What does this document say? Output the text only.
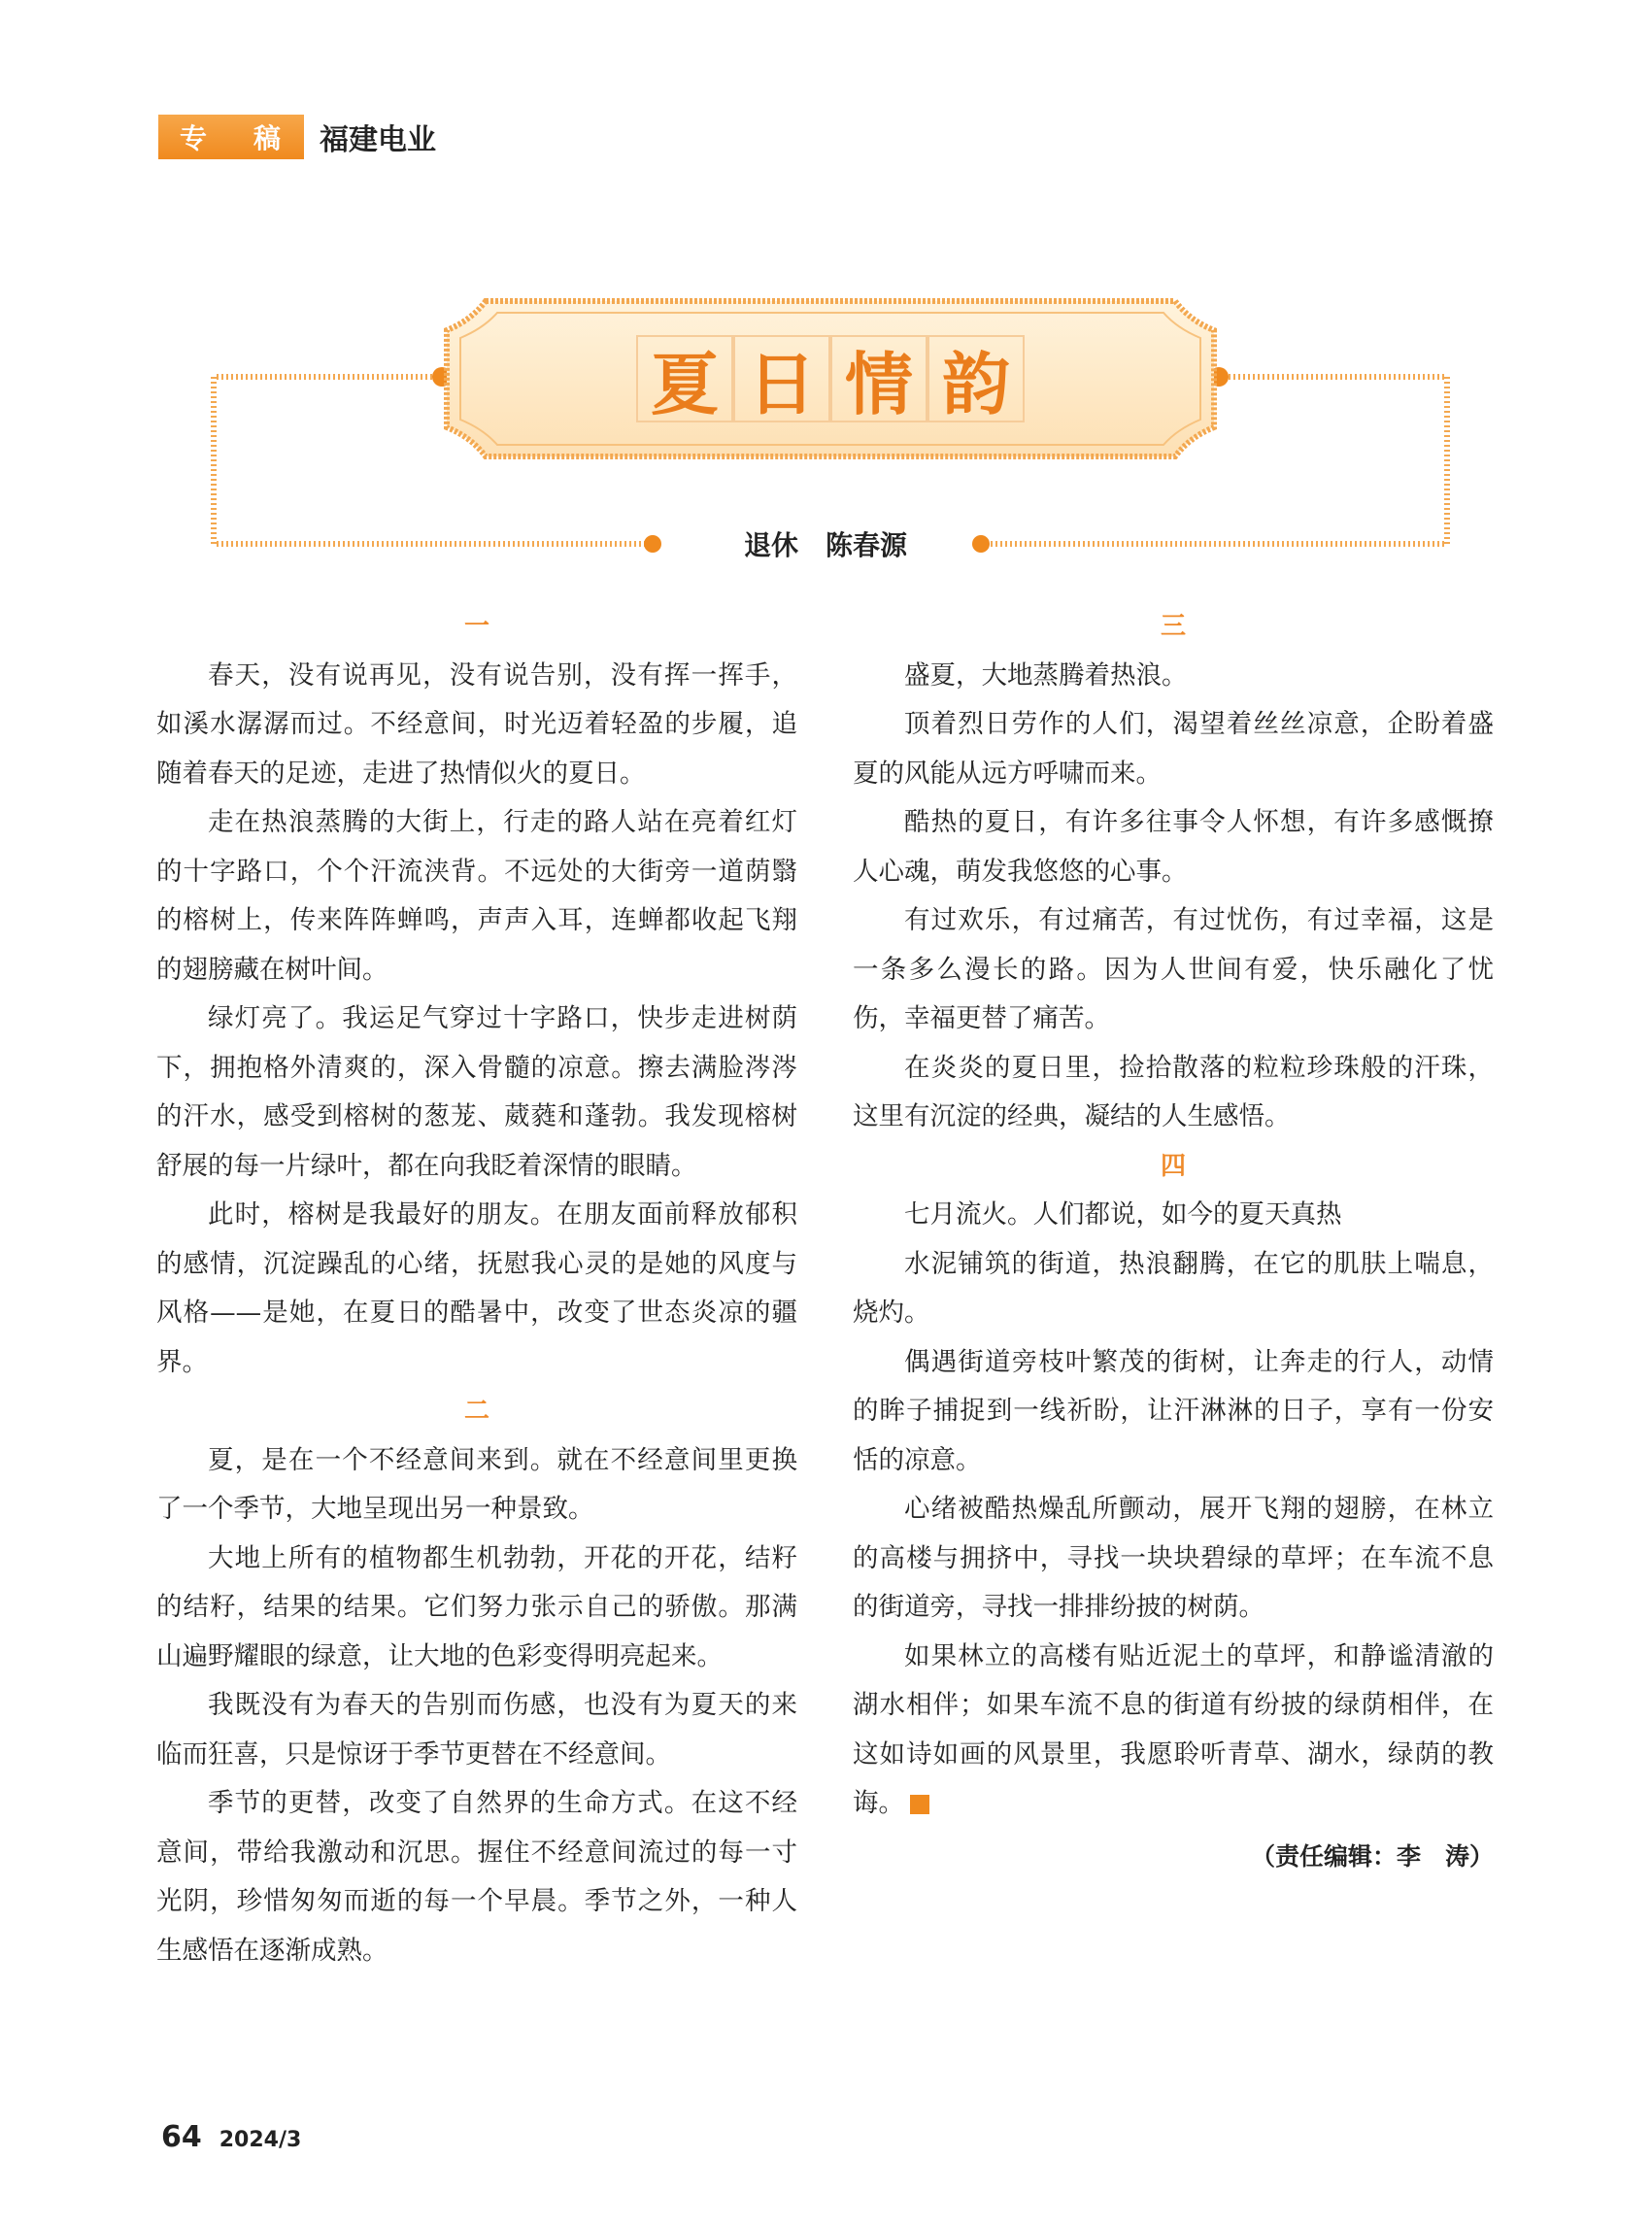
专 稿 福建电业
夏 日 情 韵
退休　陈春源
一

春天，没有说再见，没有说告别，没有挥一挥手，如溪水潺潺而过。不经意间，时光迈着轻盈的步履，追随着春天的足迹，走进了热情似火的夏日。

走在热浪蒸腾的大街上，行走的路人站在亮着红灯的十字路口，个个汗流浃背。不远处的大街旁一道荫翳的榕树上，传来阵阵蝉鸣，声声入耳，连蝉都收起飞翔的翅膀藏在树叶间。

绿灯亮了。我运足气穿过十字路口，快步走进树荫下，拥抱格外清爽的，深入骨髓的凉意。擦去满脸涔涔的汗水，感受到榕树的葱茏、葳蕤和蓬勃。我发现榕树舒展的每一片绿叶，都在向我眨着深情的眼睛。

此时，榕树是我最好的朋友。在朋友面前释放郁积的感情，沉淀躁乱的心绪，抚慰我心灵的是她的风度与风格——是她，在夏日的酷暑中，改变了世态炎凉的疆界。

二

夏，是在一个不经意间来到。就在不经意间里更换了一个季节，大地呈现出另一种景致。

大地上所有的植物都生机勃勃，开花的开花，结籽的结籽，结果的结果。它们努力张示自己的骄傲。那满山遍野耀眼的绿意，让大地的色彩变得明亮起来。

我既没有为春天的告别而伤感，也没有为夏天的来临而狂喜，只是惊讶于季节更替在不经意间。

季节的更替，改变了自然界的生命方式。在这不经意间，带给我激动和沉思。握住不经意间流过的每一寸光阴，珍惜匆匆而逝的每一个早晨。季节之外，一种人生感悟在逐渐成熟。

三

盛夏，大地蒸腾着热浪。

顶着烈日劳作的人们，渴望着丝丝凉意，企盼着盛夏的风能从远方呼啸而来。

酷热的夏日，有许多往事令人怀想，有许多感慨撩人心魂，萌发我悠悠的心事。

有过欢乐，有过痛苦，有过忧伤，有过幸福，这是一条多么漫长的路。因为人世间有爱，快乐融化了忧伤，幸福更替了痛苦。

在炎炎的夏日里，捡拾散落的粒粒珍珠般的汗珠，这里有沉淀的经典，凝结的人生感悟。

四

七月流火。人们都说，如今的夏天真热

水泥铺筑的街道，热浪翻腾，在它的肌肤上喘息，烧灼。

偶遇街道旁枝叶繁茂的街树，让奔走的行人，动情的眸子捕捉到一线祈盼，让汗淋淋的日子，享有一份安恬的凉意。

心绪被酷热燥乱所颤动，展开飞翔的翅膀，在林立的高楼与拥挤中，寻找一块块碧绿的草坪；在车流不息的街道旁，寻找一排排纷披的树荫。

如果林立的高楼有贴近泥土的草坪，和静谧清澈的湖水相伴；如果车流不息的街道有纷披的绿荫相伴，在这如诗如画的风景里，我愿聆听青草、湖水，绿荫的教诲。

（责任编辑：李　涛）
64 2024/3
